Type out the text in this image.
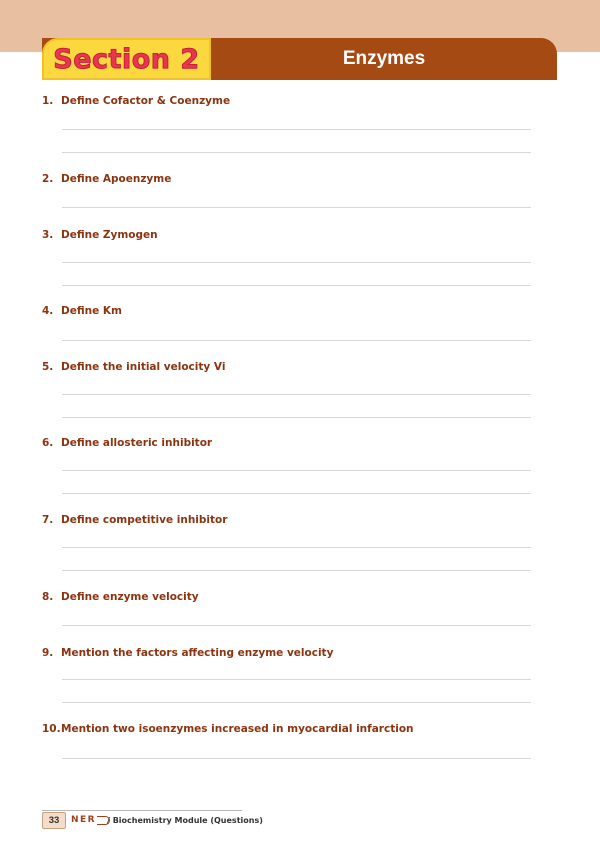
Section 2	Enzymes
1. Define Cofactor & Coenzyme
2. Define Apoenzyme
3. Define Zymogen
4. Define Km
5. Define the initial velocity Vi
6. Define allosteric inhibitor
7. Define competitive inhibitor
8. Define enzyme velocity
9. Mention the factors affecting enzyme velocity
10.Mention two isoenzymes increased in myocardial infarction
33	NER / Biochemistry Module (Questions)
